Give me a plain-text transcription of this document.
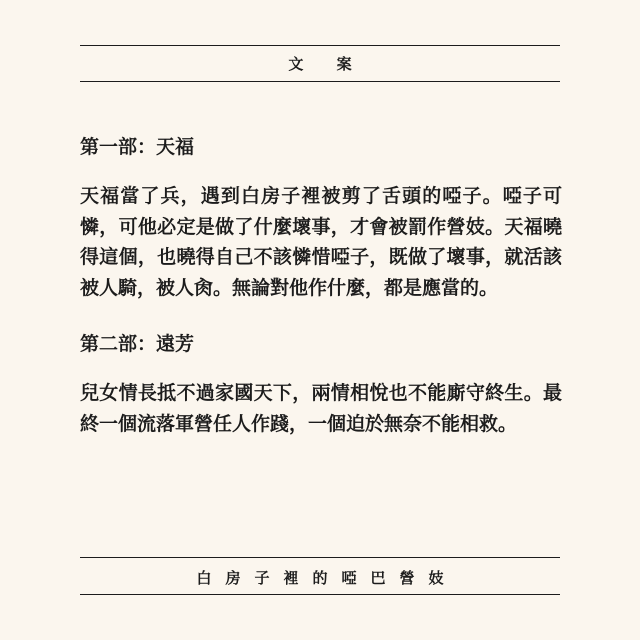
文 案

第一部：天福

天福當了兵，遇到白房子裡被剪了舌頭的啞子。啞子可憐，可他必定是做了什麼壞事，才會被罰作營妓。天福曉得這個，也曉得自己不該憐惜啞子，既做了壞事，就活該被人騎，被人肏。無論對他作什麼，都是應當的。

第二部：遠芳

兒女情長抵不過家國天下，兩情相悅也不能廝守終生。最終一個流落軍營任人作踐，一個迫於無奈不能相救。

白房子裡的啞巴營妓
